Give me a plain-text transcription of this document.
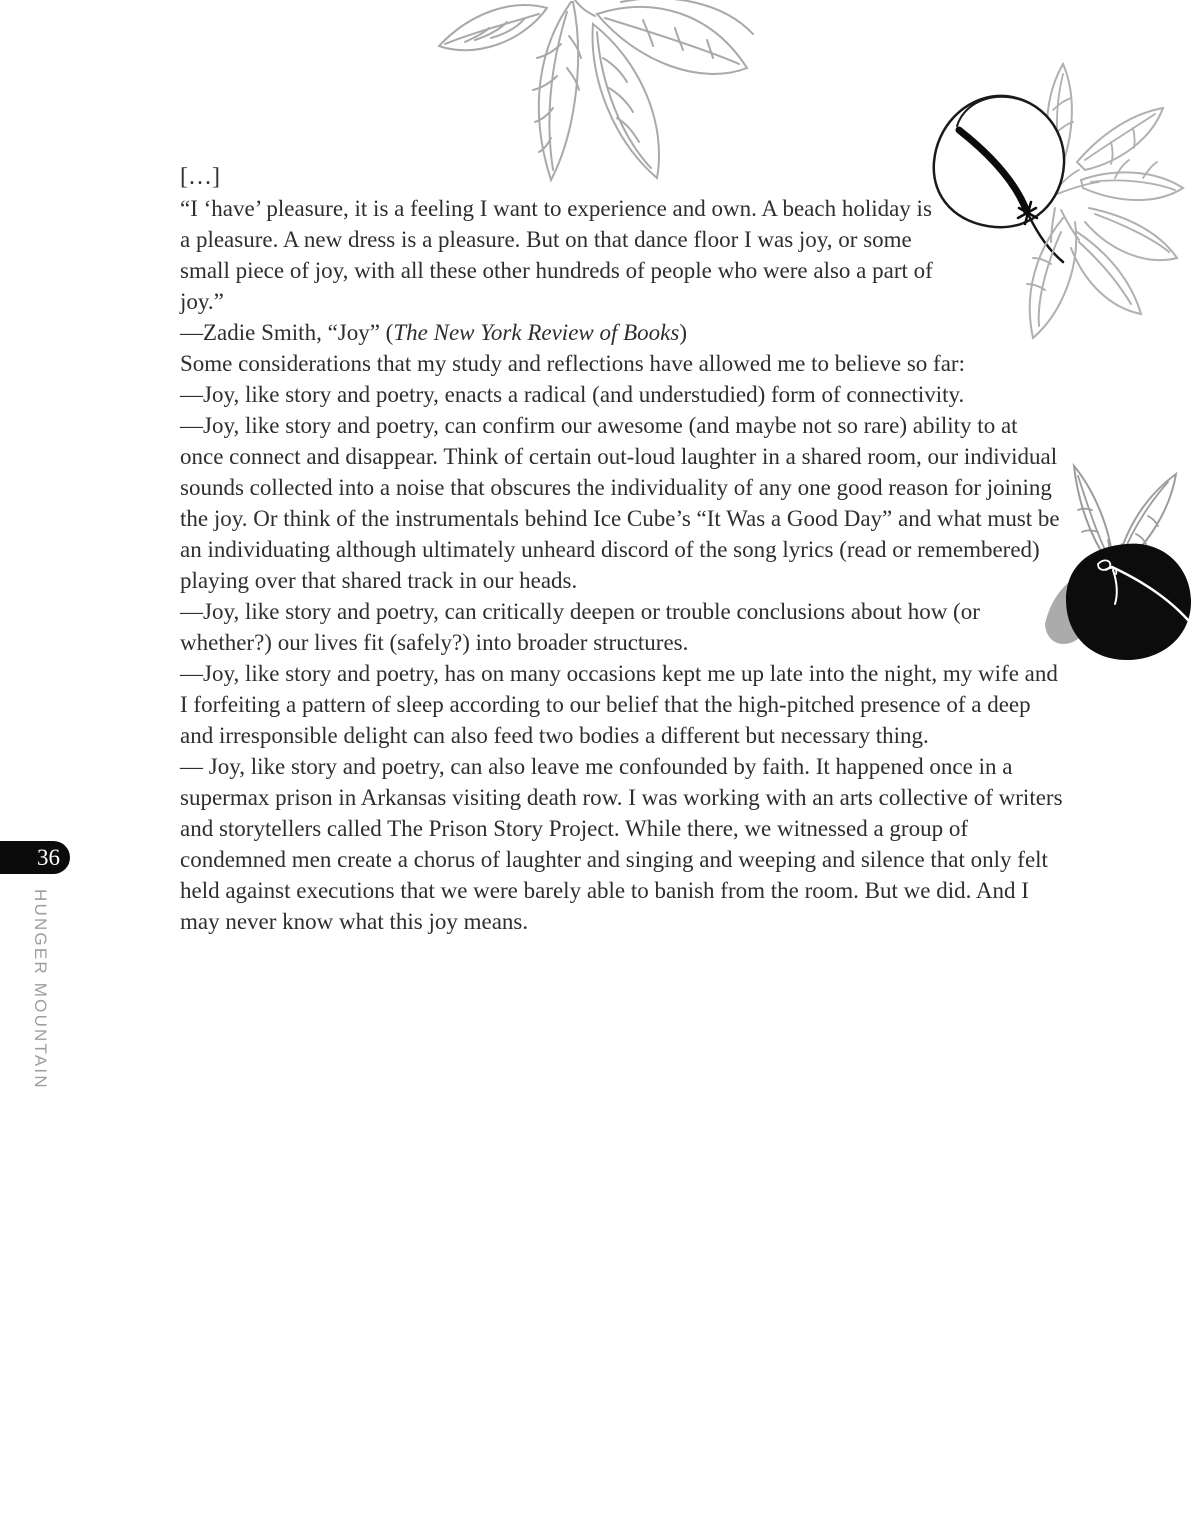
36
HUNGER MOUNTAIN

[…]

“I ‘have’ pleasure, it is a feeling I want to experience and own. A beach holiday is a pleasure. A new dress is a pleasure. But on that dance floor I was joy, or some small piece of joy, with all these other hundreds of people who were also a part of joy.”

—Zadie Smith, “Joy” (The New York Review of Books)

Some considerations that my study and reflections have allowed me to believe so far:

—Joy, like story and poetry, enacts a radical (and understudied) form of connectivity.

—Joy, like story and poetry, can confirm our awesome (and maybe not so rare) ability to at once connect and disappear. Think of certain out-loud laughter in a shared room, our individual sounds collected into a noise that obscures the individuality of any one good reason for joining the joy. Or think of the instrumentals behind Ice Cube’s “It Was a Good Day” and what must be an individuating although ultimately unheard discord of the song lyrics (read or remembered) playing over that shared track in our heads.

—Joy, like story and poetry, can critically deepen or trouble conclusions about how (or whether?) our lives fit (safely?) into broader structures.

—Joy, like story and poetry, has on many occasions kept me up late into the night, my wife and I forfeiting a pattern of sleep according to our belief that the high-pitched presence of a deep and irresponsible delight can also feed two bodies a different but necessary thing.

— Joy, like story and poetry, can also leave me confounded by faith. It happened once in a supermax prison in Arkansas visiting death row. I was working with an arts collective of writers and storytellers called The Prison Story Project. While there, we witnessed a group of condemned men create a chorus of laughter and singing and weeping and silence that only felt held against executions that we were barely able to banish from the room. But we did. And I may never know what this joy means.
